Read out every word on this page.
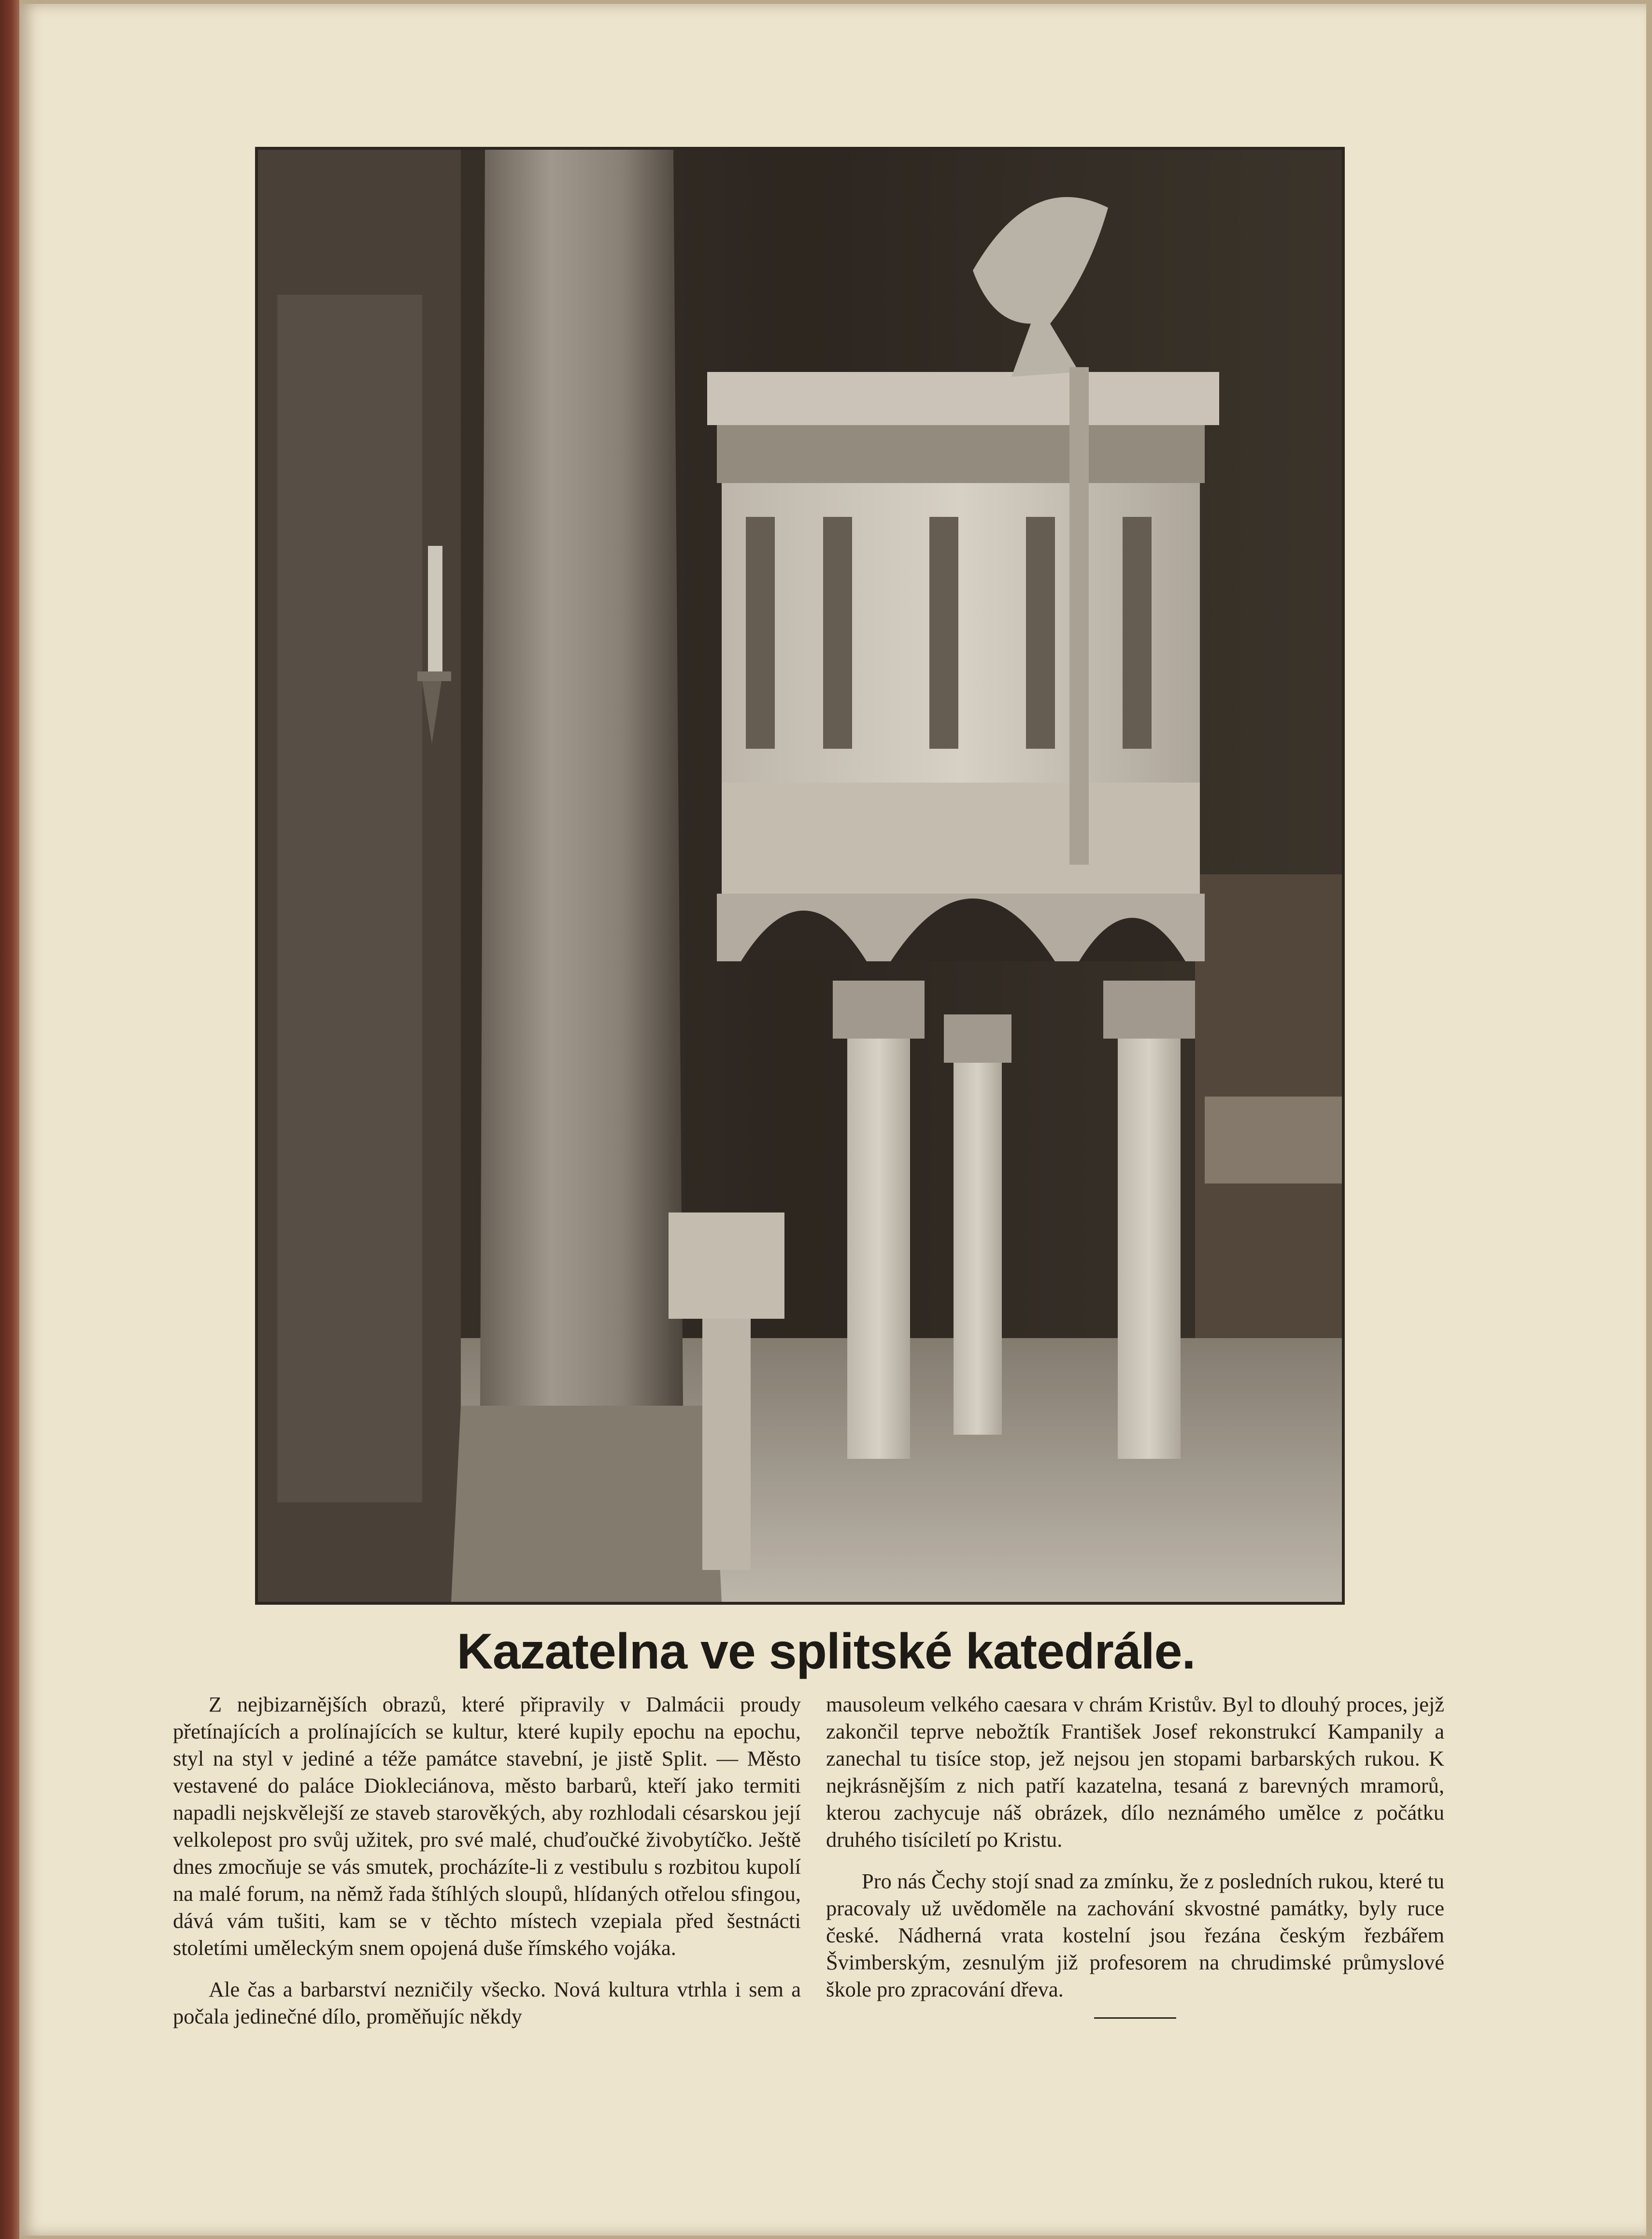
Kazatelna ve splitské katedrále.

Z nejbizarnějších obrazů, které připravily v Dalmácii proudy přetínajících a prolínajících se kultur, které kupily epochu na epochu, styl na styl v jediné a téže památce stavební, je jistě Split. — Město vestavené do paláce Diokleciánova, město barbarů, kteří jako termiti napadli nejskvělejší ze staveb starověkých, aby rozhlodali césarskou její velkolepost pro svůj užitek, pro své malé, chuďoučké živobytíčko. Ještě dnes zmocňuje se vás smutek, procházíte-li z vestibulu s rozbitou kupolí na malé forum, na němž řada štíhlých sloupů, hlídaných otřelou sfingou, dává vám tušiti, kam se v těchto místech vzepiala před šestnácti stoletími uměleckým snem opojená duše římského vojáka.

Ale čas a barbarství nezničily všecko. Nová kultura vtrhla i sem a počala jedinečné dílo, proměňujíc někdy

mausoleum velkého caesara v chrám Kristův. Byl to dlouhý proces, jejž zakončil teprve nebožtík František Josef rekonstrukcí Kampanily a zanechal tu tisíce stop, jež nejsou jen stopami barbarských rukou. K nejkrásnějším z nich patří kazatelna, tesaná z barevných mramorů, kterou zachycuje náš obrázek, dílo neznámého umělce z počátku druhého tisíciletí po Kristu.

Pro nás Čechy stojí snad za zmínku, že z posledních rukou, které tu pracovaly už uvědoměle na zachování skvostné památky, byly ruce české. Nádherná vrata kostelní jsou řezána českým řezbářem Švimberským, zesnulým již profesorem na chrudimské průmyslové škole pro zpracování dřeva.
